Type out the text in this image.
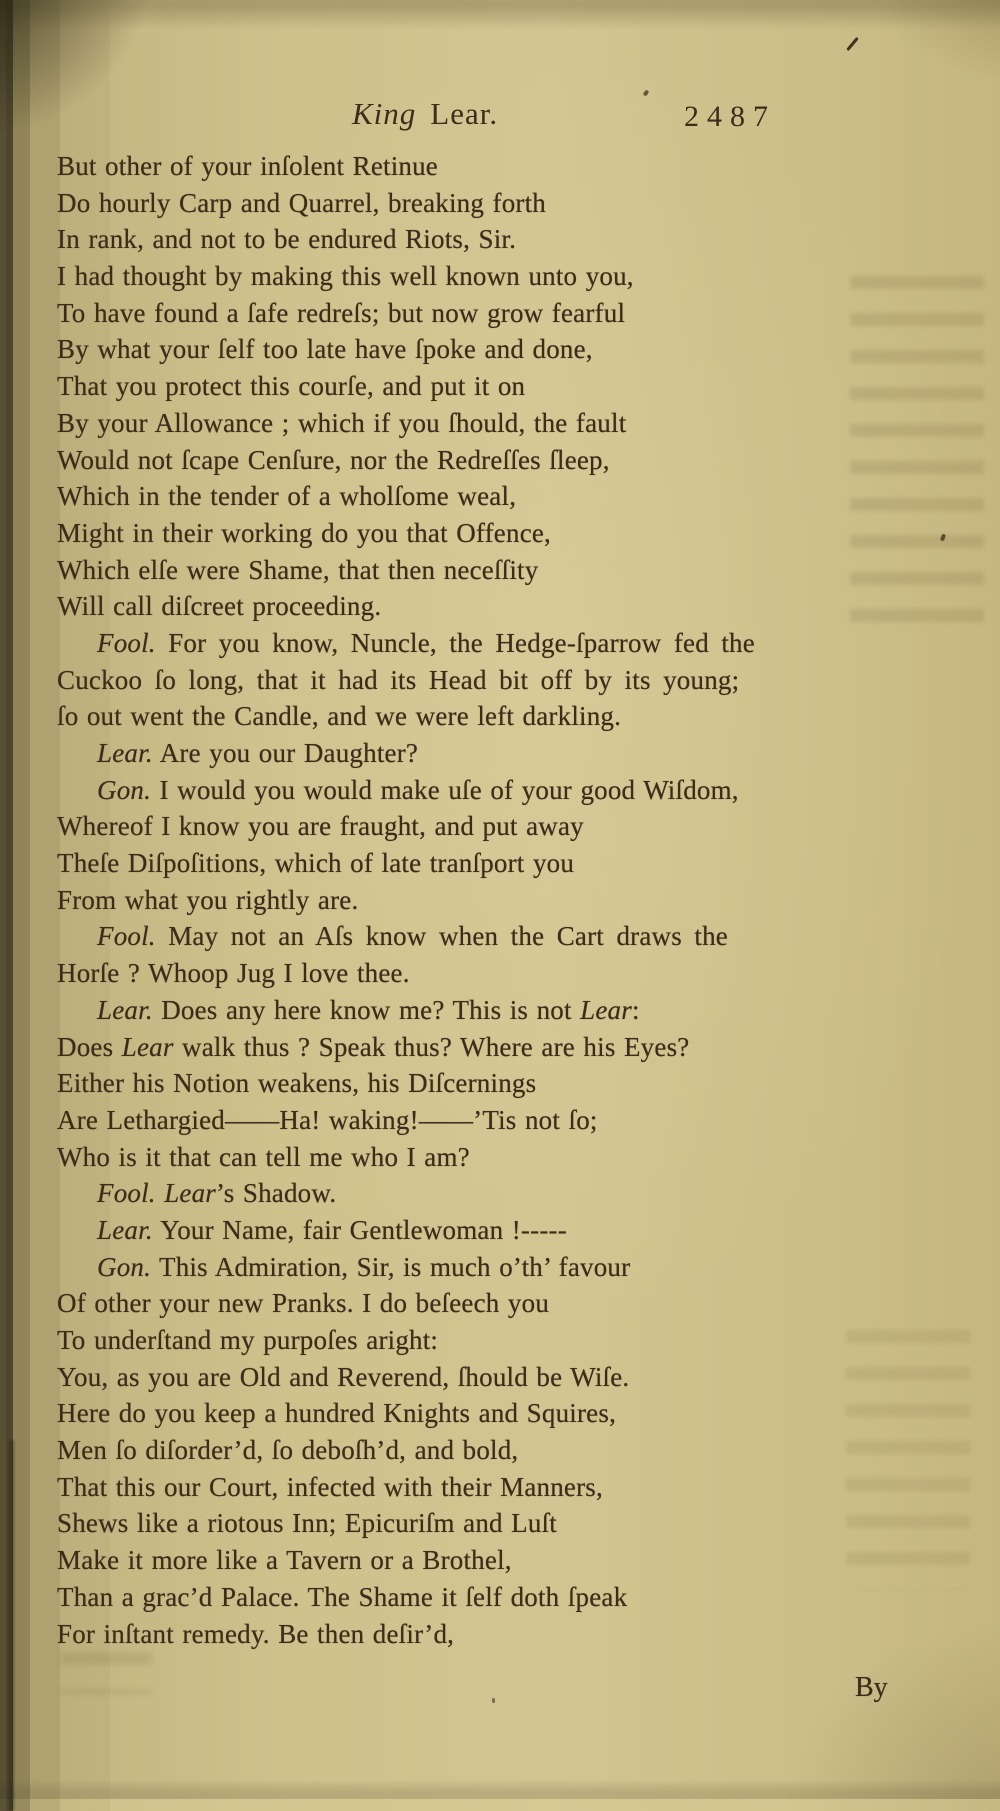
King Lear.	2487
But other of your inſolent Retinue
Do hourly Carp and Quarrel, breaking forth
In rank, and not to be endured Riots, Sir.
I had thought by making this well known unto you,
To have found a ſafe redreſs; but now grow fearful
By what your ſelf too late have ſpoke and done,
That you protect this courſe, and put it on
By your Allowance ; which if you ſhould, the fault
Would not ſcape Cenſure, nor the Redreſſes ſleep,
Which in the tender of a wholſome weal,
Might in their working do you that Offence,
Which elſe were Shame, that then neceſſity
Will call diſcreet proceeding.
Fool. For you know, Nuncle, the Hedge-ſparrow fed the
Cuckoo ſo long, that it had its Head bit off by its young;
ſo out went the Candle, and we were left darkling.
Lear. Are you our Daughter?
Gon. I would you would make uſe of your good Wiſdom,
Whereof I know you are fraught, and put away
Theſe Diſpoſitions, which of late tranſport you
From what you rightly are.
Fool. May not an Aſs know when the Cart draws the
Horſe ? Whoop Jug I love thee.
Lear. Does any here know me? This is not Lear:
Does Lear walk thus ? Speak thus? Where are his Eyes?
Either his Notion weakens, his Diſcernings
Are Lethargied——Ha! waking!——’Tis not ſo;
Who is it that can tell me who I am?
Fool. Lear’s Shadow.
Lear. Your Name, fair Gentlewoman !-----
Gon. This Admiration, Sir, is much o’th’ favour
Of other your new Pranks. I do beſeech you
To underſtand my purpoſes aright:
You, as you are Old and Reverend, ſhould be Wiſe.
Here do you keep a hundred Knights and Squires,
Men ſo diſorder’d, ſo deboſh’d, and bold,
That this our Court, infected with their Manners,
Shews like a riotous Inn; Epicuriſm and Luſt
Make it more like a Tavern or a Brothel,
Than a grac’d Palace. The Shame it ſelf doth ſpeak
For inſtant remedy. Be then deſir’d,
By
